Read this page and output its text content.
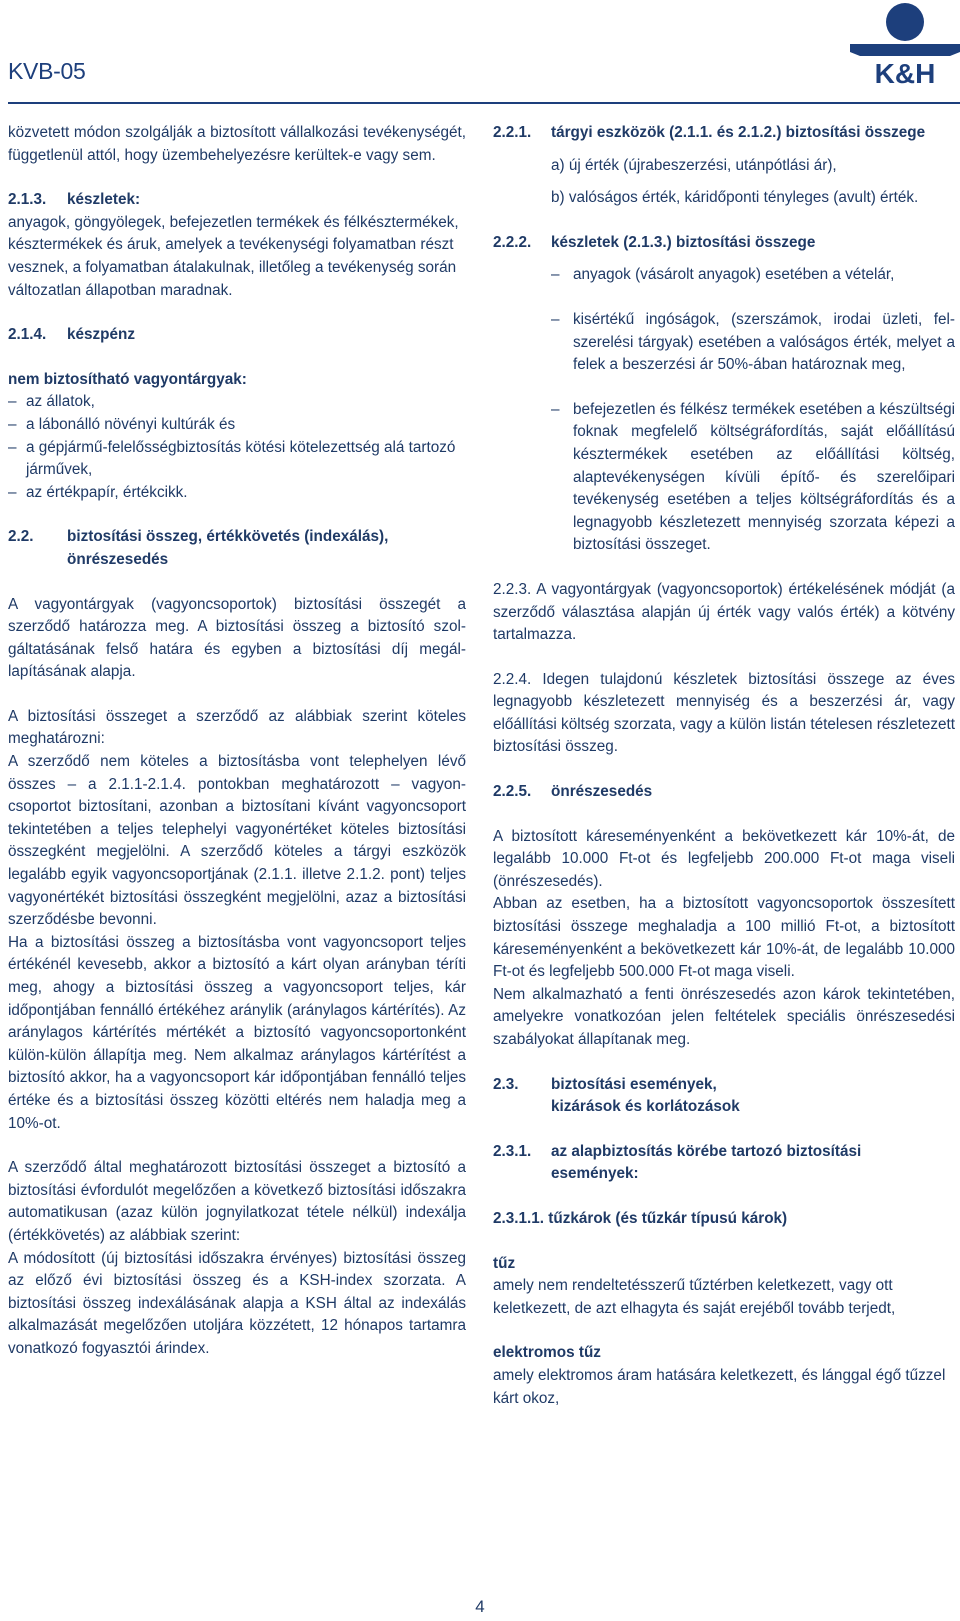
KVB-05	K&H

közvetett módon szolgálják a biztosított vállalkozási tevékenységét, függetlenül attól, hogy üzembehelyezésre kerültek-e vagy sem.

2.1.3.	készletek:

anyagok, göngyölegek, befejezetlen termékek és félkésztermékek, késztermékek és áruk, amelyek a tevékenységi folyamatban részt vesznek, a folyamatban átalakulnak, illetőleg a tevékenység során változatlan állapotban maradnak.

2.1.4.	készpénz

nem biztosítható vagyontárgyak:

– az állatok,
– a lábonálló növényi kultúrák és
– a gépjármű-felelősségbiztosítás kötési kötelezettség alá tartozó járművek,
– az értékpapír, értékcikk.
2.2.	biztosítási összeg, értékkövetés (indexálás), önrészesedés

A vagyontárgyak (vagyoncsoportok) biztosítási összegét a szerződő határozza meg. A biztosítási összeg a biztosító szolgáltatásának felső határa és egyben a biztosítási díj megállapításának alapja.

A biztosítási összeget a szerződő az alábbiak szerint köteles meghatározni:

A szerződő nem köteles a biztosításba vont telephelyen lévő összes – a 2.1.1-2.1.4. pontokban meghatározott – vagyoncsoportot biztosítani, azonban a biztosítani kívánt vagyoncsoport tekintetében a teljes telephelyi vagyonértéket köteles biztosítási összegként megjelölni. A szerződő köteles a tárgyi eszközök legalább egyik vagyoncsoportjának (2.1.1. illetve 2.1.2. pont) teljes vagyonértékét biztosítási összegként megjelölni, azaz a biztosítási szerződésbe bevonni.

Ha a biztosítási összeg a biztosításba vont vagyoncsoport teljes értékénél kevesebb, akkor a biztosító a kárt olyan arányban téríti meg, ahogy a biztosítási összeg a vagyoncsoport teljes, kár időpontjában fennálló értékéhez aránylik (aránylagos kártérítés). Az aránylagos kártérítés mértékét a biztosító vagyoncsoportonként külön-külön állapítja meg. Nem alkalmaz aránylagos kártérítést a biztosító akkor, ha a vagyoncsoport kár időpontjában fennálló teljes értéke és a biztosítási összeg közötti eltérés nem haladja meg a 10%-ot.

A szerződő által meghatározott biztosítási összeget a biztosító a biztosítási évfordulót megelőzően a következő biztosítási időszakra automatikusan (azaz külön jognyilatkozat tétele nélkül) indexálja (értékkövetés) az alábbiak szerint:

A módosított (új biztosítási időszakra érvényes) biztosítási összeg az előző évi biztosítási összeg és a KSH-index szorzata. A biztosítási összeg indexálásának alapja a KSH által az indexálás alkalmazását megelőzően utoljára közzétett, 12 hónapos tartamra vonatkozó fogyasztói árindex.

2.2.1.	tárgyi eszközök (2.1.1. és 2.1.2.) biztosítási összege

a) új érték (újrabeszerzési, utánpótlási ár),

b) valóságos érték, káridőponti tényleges (avult) érték.

2.2.2.	készletek (2.1.3.) biztosítási összege
– anyagok (vásárolt anyagok) esetében a vételár,
– kisértékű ingóságok, (szerszámok, irodai üzleti, felszerelési tárgyak) esetében a valóságos érték, melyet a felek a beszerzési ár 50%-ában határoznak meg,
– befejezetlen és félkész termékek esetében a készültségi foknak megfelelő költségráfordítás, saját előállítású késztermékek esetében az előállítási költség, alaptevékenységen kívüli építő- és szerelőipari tevékenység esetében a teljes költségráfordítás és a legnagyobb készletezett mennyiség szorzata képezi a biztosítási összeget.

2.2.3. A vagyontárgyak (vagyoncsoportok) értékelésének módját (a szerződő választása alapján új érték vagy valós érték) a kötvény tartalmazza.

2.2.4. Idegen tulajdonú készletek biztosítási összege az éves legnagyobb készletezett mennyiség és a beszerzési ár, vagy előállítási költség szorzata, vagy a külön listán tételesen részletezett biztosítási összeg.

2.2.5.	önrészesedés

A biztosított káreseményenként a bekövetkezett kár 10%-át, de legalább 10.000 Ft-ot és legfeljebb 200.000 Ft-ot maga viseli (önrészesedés).

Abban az esetben, ha a biztosított vagyoncsoportok összesített biztosítási összege meghaladja a 100 millió Ft-ot, a biztosított káreseményenként a bekövetkezett kár 10%-át, de legalább 10.000 Ft-ot és legfeljebb 500.000 Ft-ot maga viseli.

Nem alkalmazható a fenti önrészesedés azon károk tekintetében, amelyekre vonatkozóan jelen feltételek speciális önrészesedési szabályokat állapítanak meg.

2.3.	biztosítási események,
kizárások és korlátozások
2.3.1.	az alapbiztosítás körébe tartozó biztosítási
események:

2.3.1.1. tűzkárok (és tűzkár típusú károk)

tűz

amely nem rendeltetésszerű tűztérben keletkezett, vagy ott keletkezett, de azt elhagyta és saját erejéből tovább terjedt,

elektromos tűz

amely elektromos áram hatására keletkezett, és lánggal égő tűzzel kárt okoz,

4
